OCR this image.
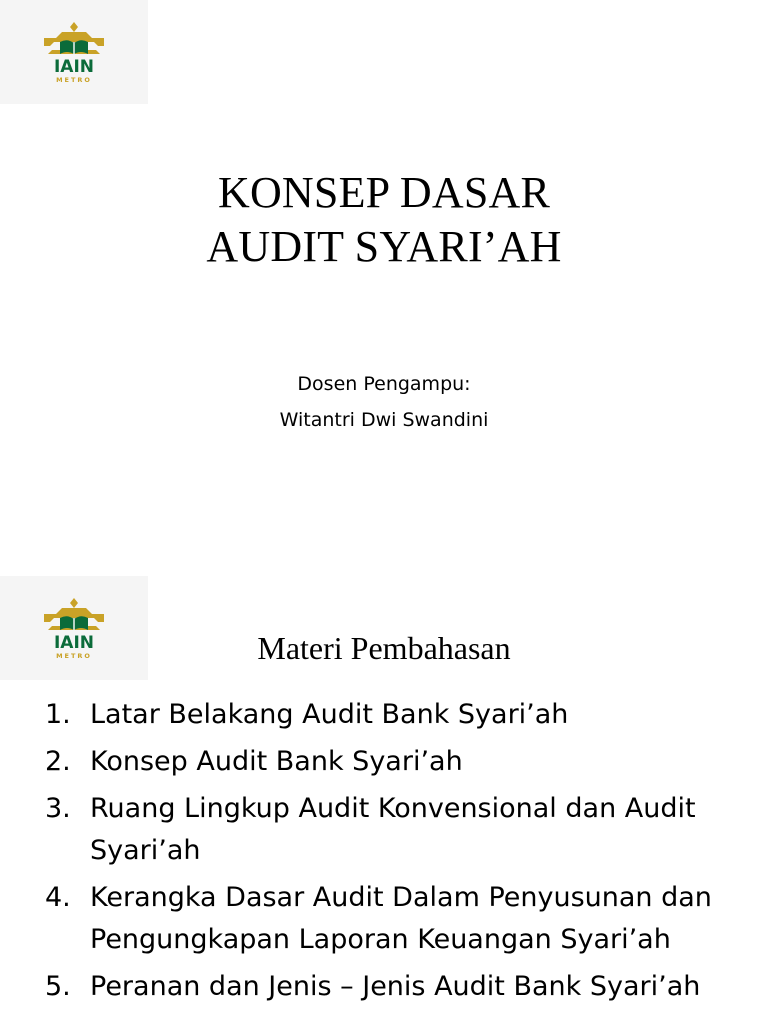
IAIN
METRO
KONSEP DASAR
AUDIT SYARI’AH
Dosen Pengampu:
Witantri Dwi Swandini
IAIN
METRO	Materi Pembahasan
1. Latar Belakang Audit Bank Syari’ah
2. Konsep Audit Bank Syari’ah
3. Ruang Lingkup Audit Konvensional dan Audit Syari’ah
4. Kerangka Dasar Audit Dalam Penyusunan dan Pengungkapan Laporan Keuangan Syari’ah
5. Peranan dan Jenis – Jenis Audit Bank Syari’ah
